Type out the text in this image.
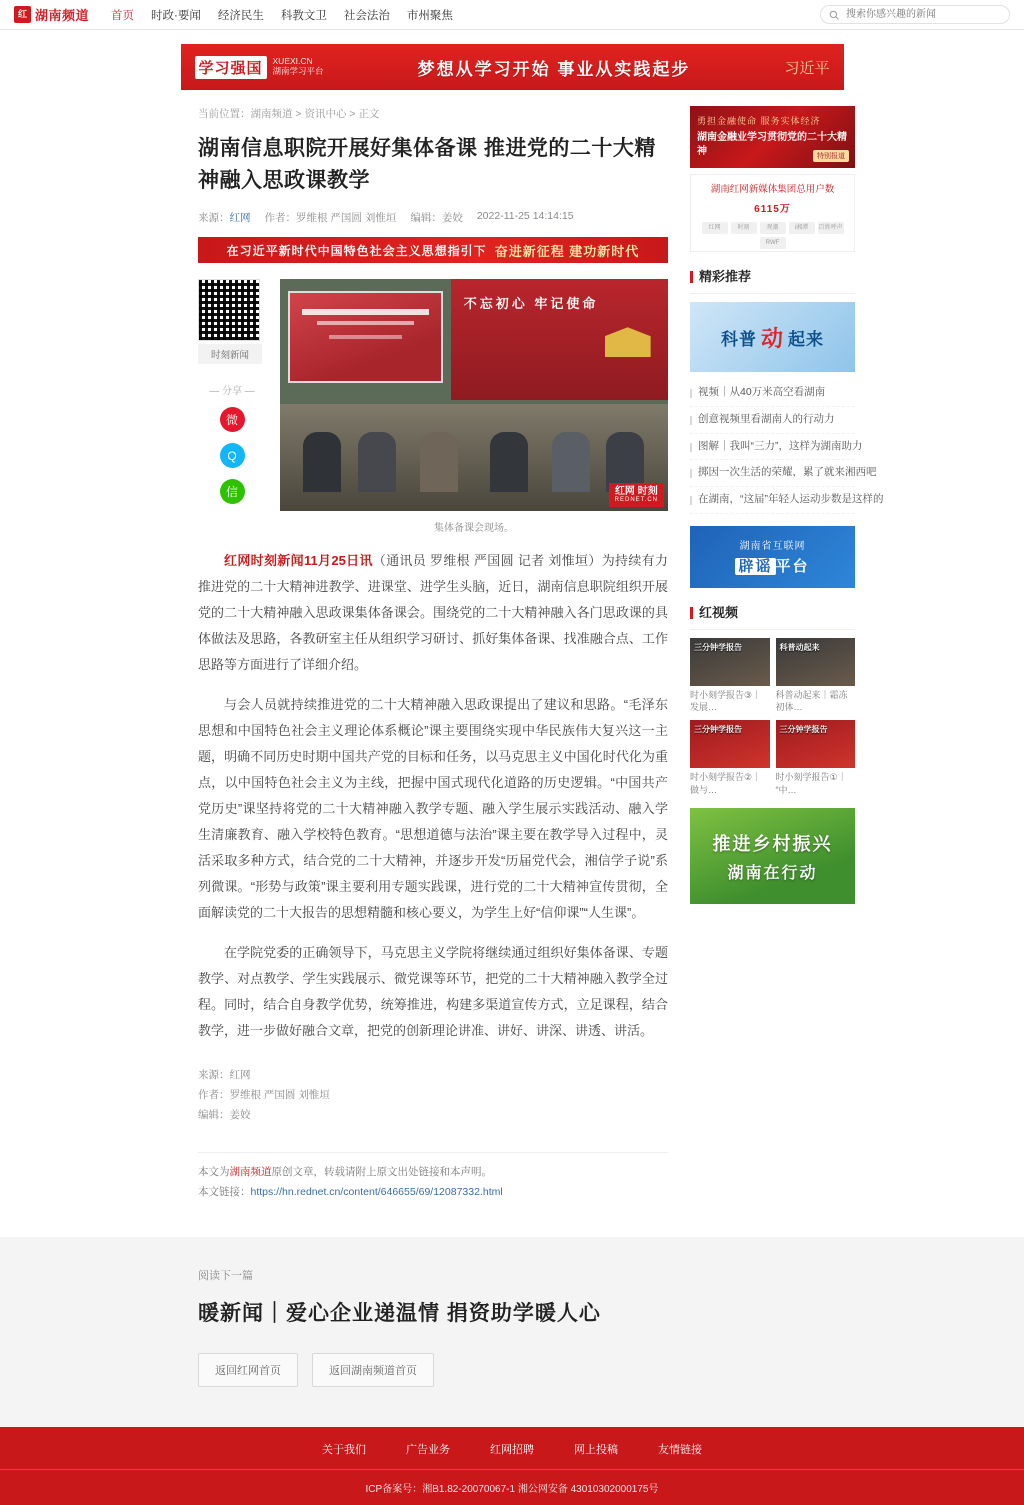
红 湖南频道 首页 时政·要闻 经济民生 科教文卫 社会法治 市州聚焦
搜索你感兴趣的新闻
学习强国	XUEXI.CN
湖南学习平台	梦想从学习开始 事业从实践起步	习近平
当前位置：湖南频道 > 资讯中心 > 正文
湖南信息职院开展好集体备课 推进党的二十大精神融入思政课教学
来源：红网 作者：罗维根 严国圆 刘惟垣 编辑：姜姣 2022-11-25 14:14:15
在习近平新时代中国特色社会主义思想指引下 奋进新征程 建功新时代
时刻新闻
— 分享 —
微
Q
信
不忘初心 牢记使命
红网 时刻
REDNET.CN
集体备课会现场。

红网时刻新闻11月25日讯（通讯员 罗维根 严国圆 记者 刘惟垣）为持续有力推进党的二十大精神进教学、进课堂、进学生头脑，近日，湖南信息职院组织开展党的二十大精神融入思政课集体备课会。围绕党的二十大精神融入各门思政课的具体做法及思路，各教研室主任从组织学习研讨、抓好集体备课、找准融合点、工作思路等方面进行了详细介绍。

与会人员就持续推进党的二十大精神融入思政课提出了建议和思路。“毛泽东思想和中国特色社会主义理论体系概论”课主要围绕实现中华民族伟大复兴这一主题，明确不同历史时期中国共产党的目标和任务，以马克思主义中国化时代化为重点，以中国特色社会主义为主线，把握中国式现代化道路的历史逻辑。“中国共产党历史”课坚持将党的二十大精神融入教学专题、融入学生展示实践活动、融入学生清廉教育、融入学校特色教育。“思想道德与法治”课主要在教学导入过程中，灵活采取多种方式，结合党的二十大精神，并逐步开发“历届党代会，湘信学子说”系列微课。“形势与政策”课主要利用专题实践课，进行党的二十大精神宣传贯彻，全面解读党的二十大报告的思想精髓和核心要义，为学生上好“信仰课”“人生课”。

在学院党委的正确领导下，马克思主义学院将继续通过组织好集体备课、专题教学、对点教学、学生实践展示、微党课等环节，把党的二十大精神融入教学全过程。同时，结合自身教学优势，统筹推进，构建多渠道宣传方式，立足课程，结合教学，进一步做好融合文章，把党的创新理论讲准、讲好、讲深、讲透、讲活。

来源：红网
作者：罗维根 严国圆 刘惟垣
编辑：姜姣
本文为湖南频道原创文章，转载请附上原文出处链接和本声明。
本文链接：https://hn.rednet.cn/content/646655/69/12087332.html
勇担金融使命 服务实体经济
湖南金融业学习贯彻党的二十大精神	特别报道
湖南红网新媒体集团总用户数
6115万
红网	时刻	观潮	i湘潭	百姓呼声
RWF
精彩推荐
科普 动 起来
视频｜从40万米高空看湖南
创意视频里看湖南人的行动力
图解｜我叫“三力”，这样为湖南助力
掷因一次生活的荣耀，累了就来湘西吧
在湖南，“这届”年轻人运动步数是这样的
湖南省互联网
辟谣 平台
红视频
三分钟学报告
时小刻学报告③｜发展…
科普动起来
科普动起来｜霜冻初体…
三分钟学报告
时小刻学报告②｜做与…
三分钟学报告
时小刻学报告①｜“中…
推进乡村振兴
湖南在行动
阅读下一篇
暖新闻｜爱心企业递温情 捐资助学暖人心
返回红网首页	返回湖南频道首页
关于我们	广告业务	红网招聘	网上投稿	友情链接
ICP备案号：湘B1.82-20070067-1 湘公网安备 43010302000175号
